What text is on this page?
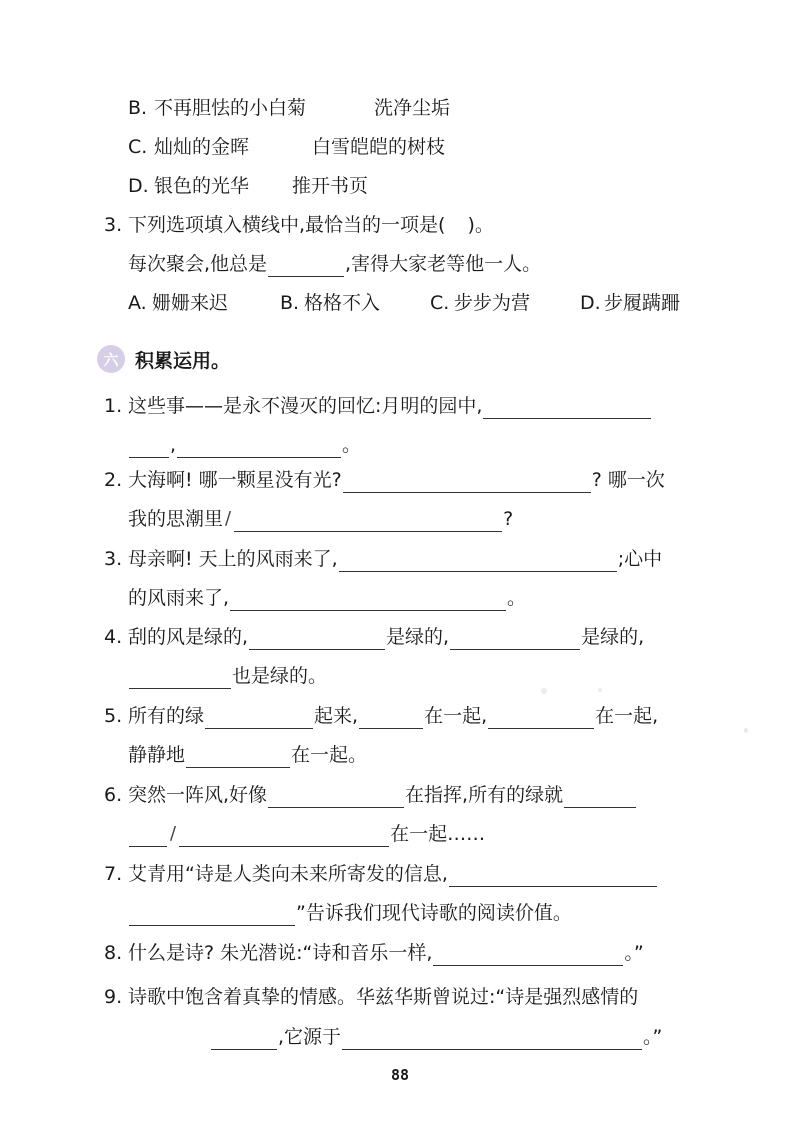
B. 不再胆怯的小白菊	洗净尘垢
C. 灿灿的金晖	白雪皑皑的树枝
D. 银色的光华	推开书页
3. 下列选项填入横线中,最恰当的一项是( )。
每次聚会,他总是	,害得大家老等他一人。
A. 姗姗来迟	B. 格格不入	C. 步步为营	D. 步履蹒跚
六 积累运用。
1. 这些事——是永不漫灭的回忆:月明的园中,
,	。
2. 大海啊! 哪一颗星没有光?	? 哪一次
我的思潮里 /	?
3. 母亲啊! 天上的风雨来了,	;心中
的风雨来了,	。
4. 刮的风是绿的,	是绿的,	是绿的,
也是绿的。
5. 所有的绿	起来,	在一起,	在一起,
静静地	在一起。
6. 突然一阵风,好像	在指挥,所有的绿就
/	在一起……
7. 艾青用“诗是人类向未来所寄发的信息,
”告诉我们现代诗歌的阅读价值。
8. 什么是诗? 朱光潜说:“诗和音乐一样,	。”
9. 诗歌中饱含着真挚的情感。华兹华斯曾说过:“诗是强烈感情的
,它源于	。”
88
